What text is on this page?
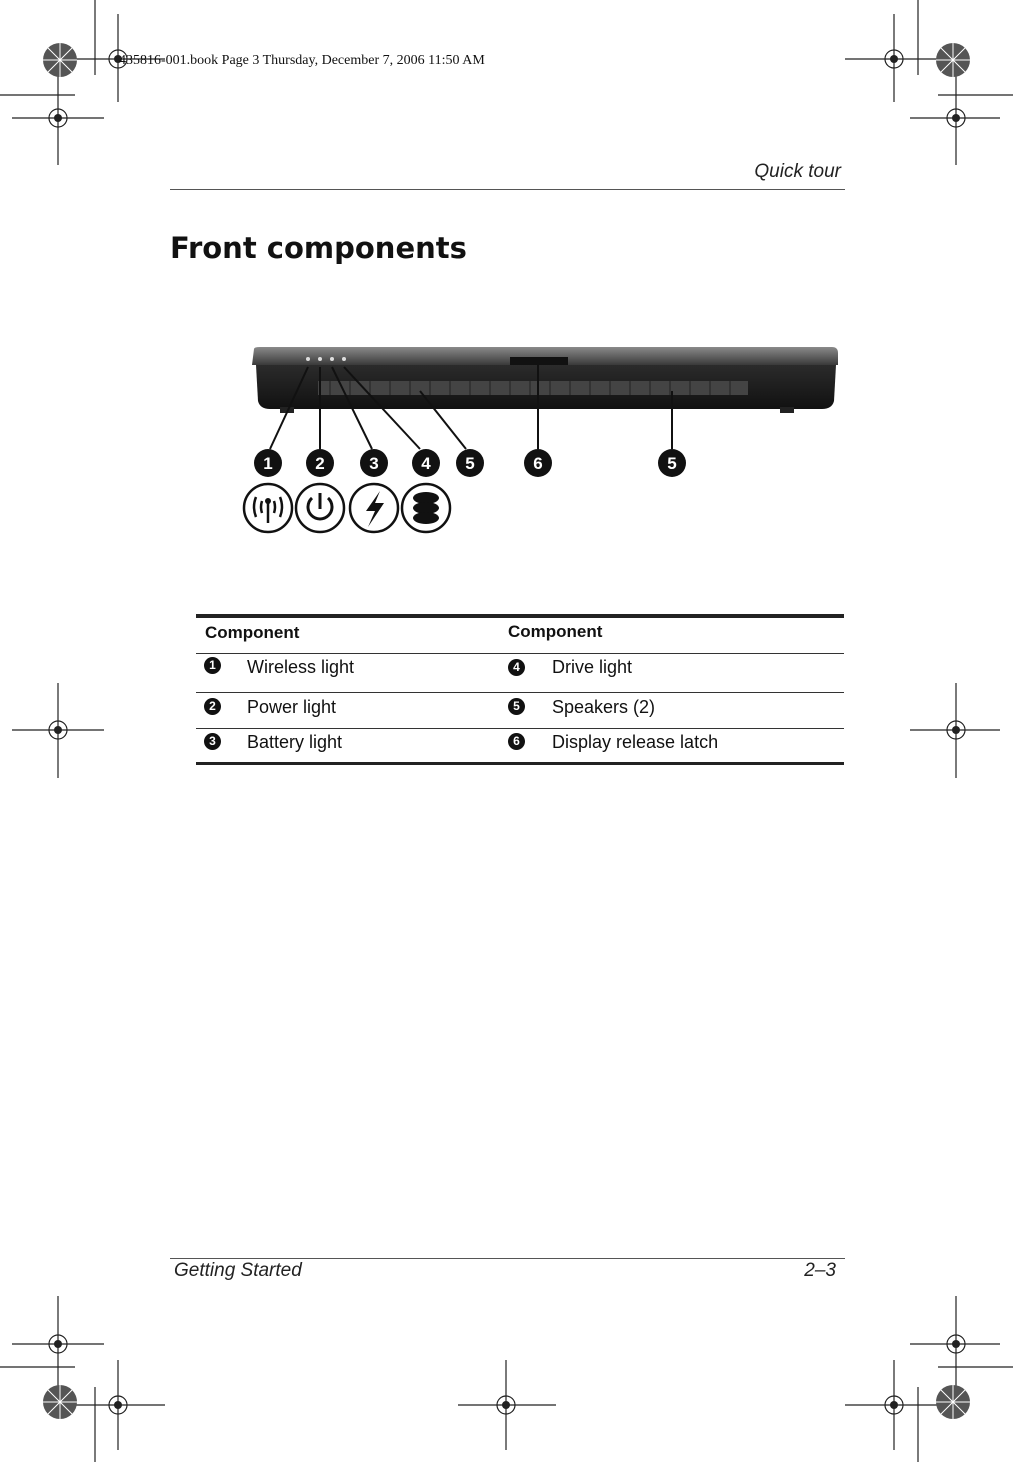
435816-001.book Page 3 Thursday, December 7, 2006 11:50 AM
Quick tour
Front components
1	2	3	4 5	6	5
Component	Component
1 Wireless light	4 Drive light
2 Power light	5 Speakers (2)
3 Battery light	6 Display release latch
Getting Started	2–3
